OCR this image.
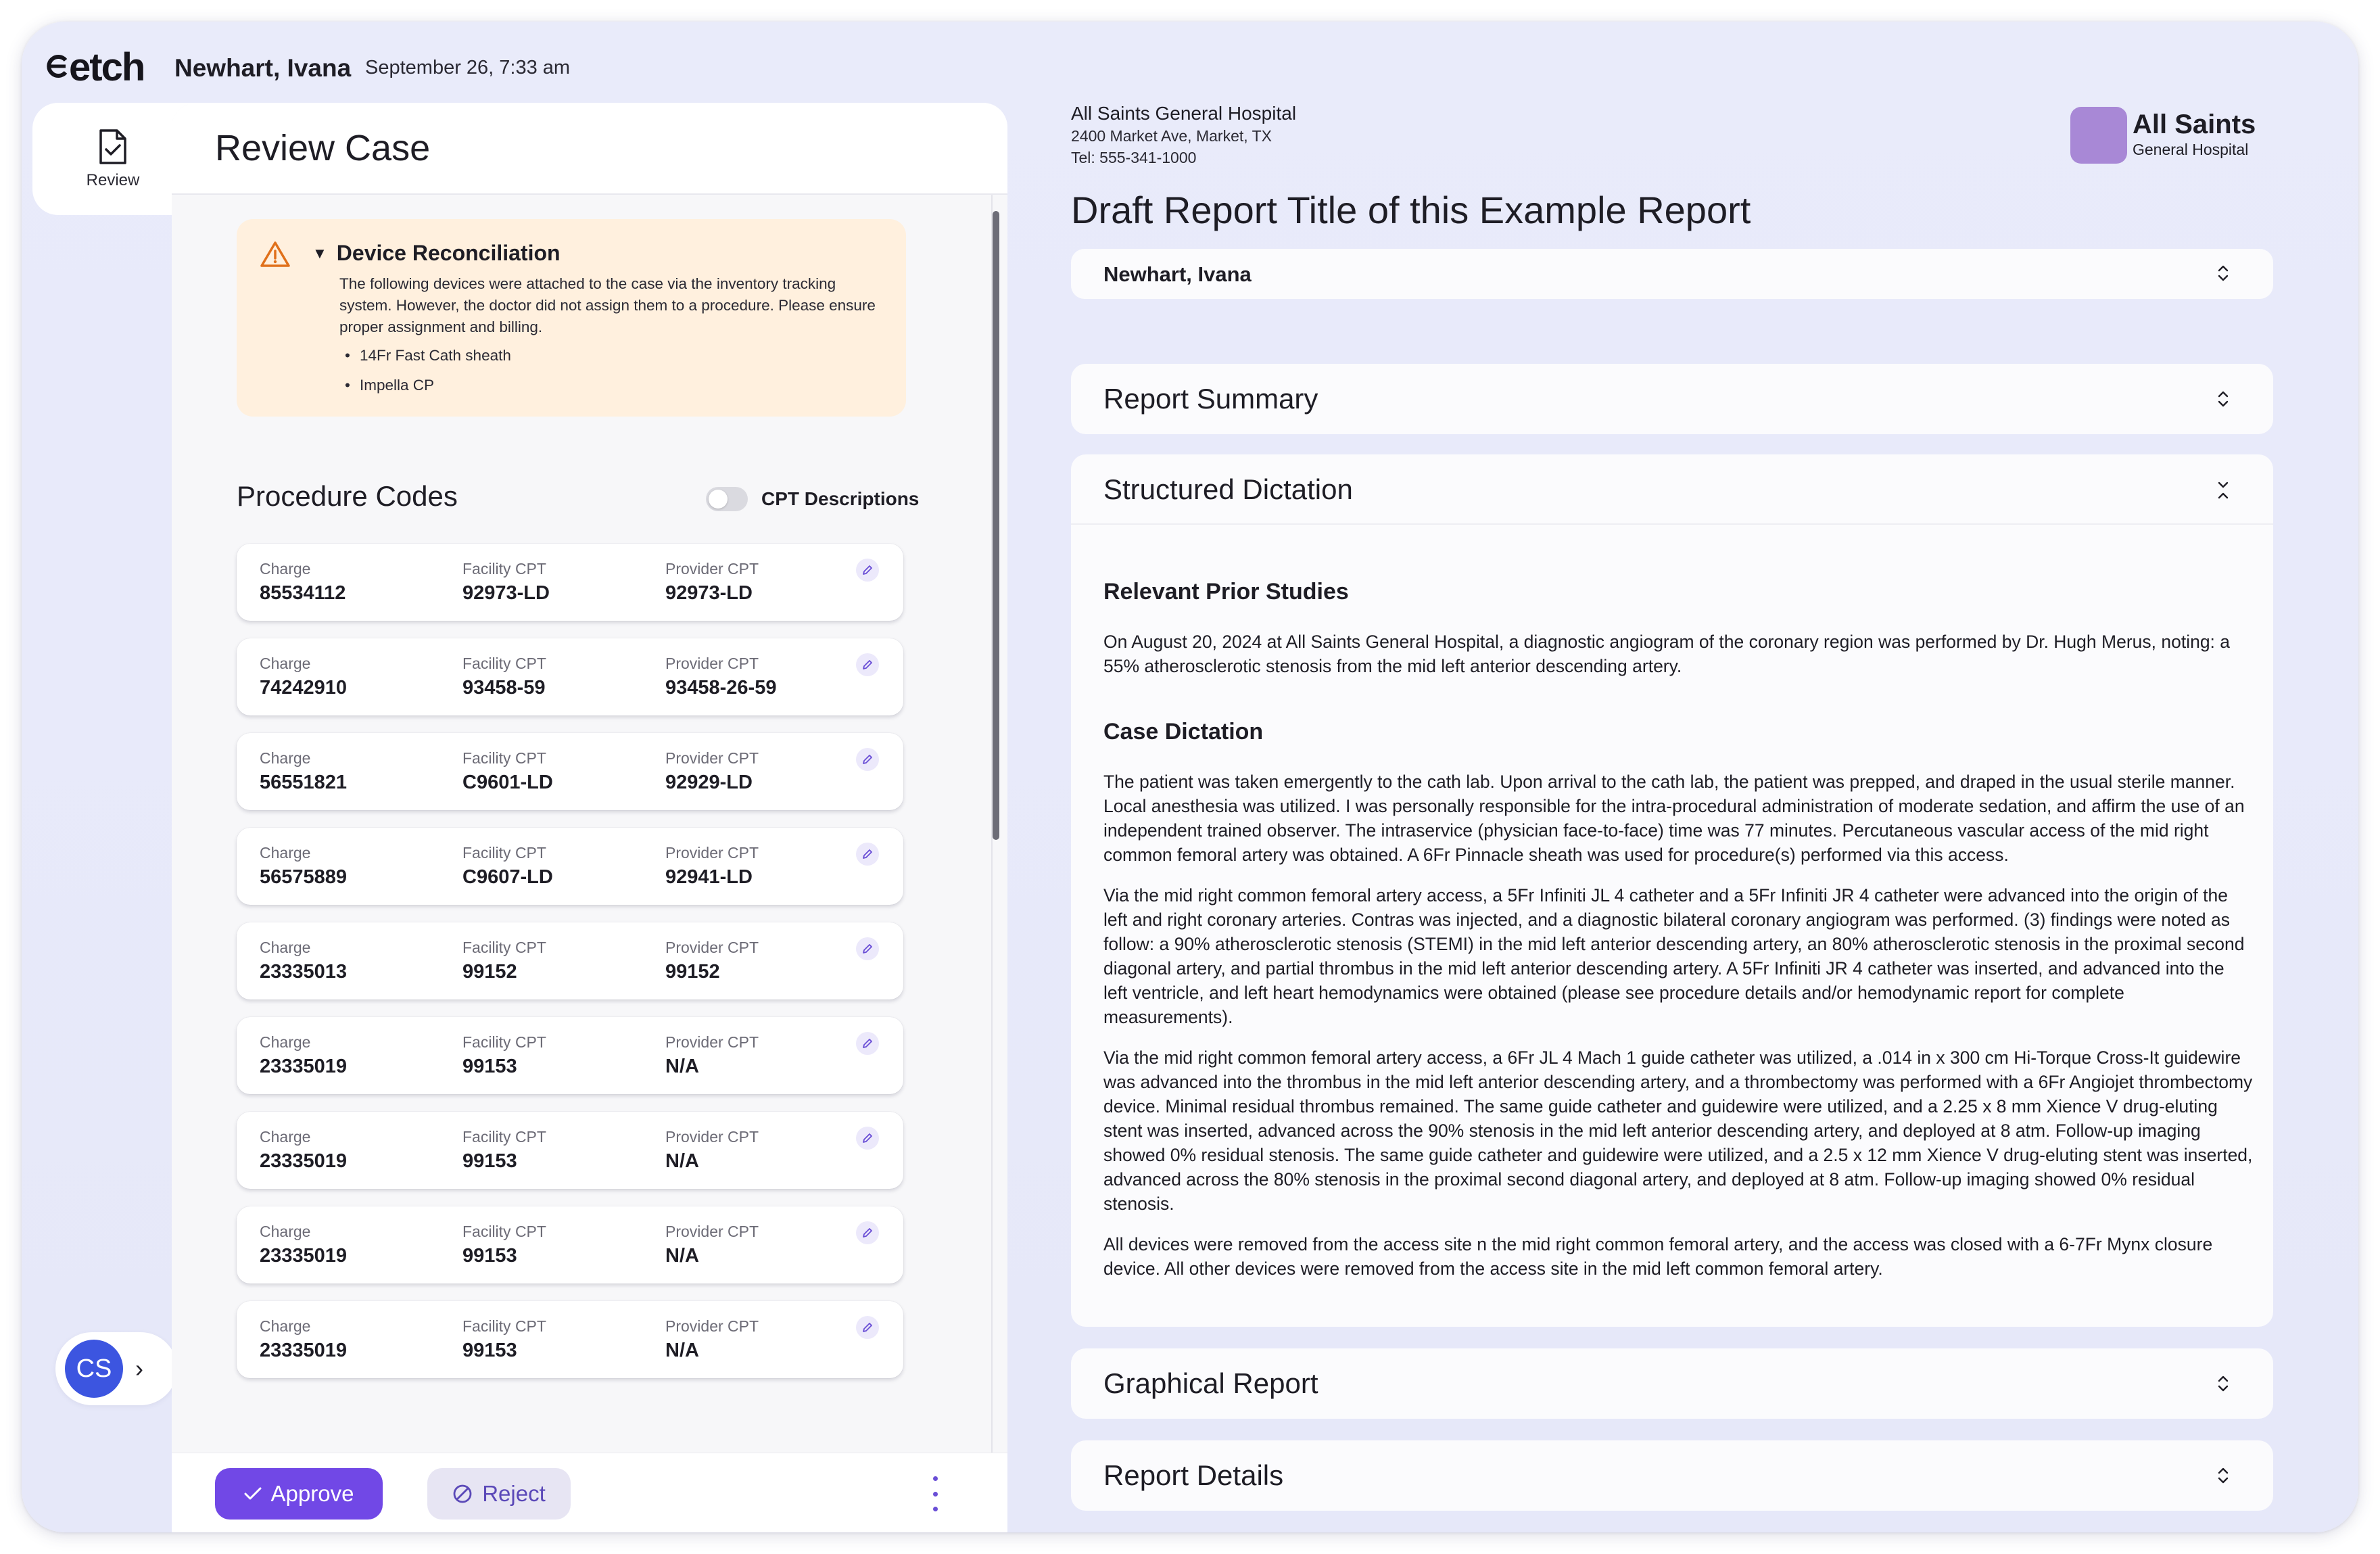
etch Newhart, Ivana September 26, 7:33 am
Review
CS ›
Review Case
▼ Device Reconciliation
The following devices were attached to the case via the inventory tracking system. However, the doctor did not assign them to a procedure. Please ensure proper assignment and billing.
• 14Fr Fast Cath sheath
• Impella CP
Procedure Codes	CPT Descriptions
Charge
85534112
Facility CPT
92973-LD
Provider CPT
92973-LD
Charge
74242910
Facility CPT
93458-59
Provider CPT
93458-26-59
Charge
56551821
Facility CPT
C9601-LD
Provider CPT
92929-LD
Charge
56575889
Facility CPT
C9607-LD
Provider CPT
92941-LD
Charge
23335013
Facility CPT
99152
Provider CPT
99152
Charge
23335019
Facility CPT
99153
Provider CPT
N/A
Charge
23335019
Facility CPT
99153
Provider CPT
N/A
Charge
23335019
Facility CPT
99153
Provider CPT
N/A
Charge
23335019
Facility CPT
99153
Provider CPT
N/A
Approve	Reject
All Saints General Hospital
2400 Market Ave, Market, TX
Tel: 555-341-1000
All Saints
General Hospital
Draft Report Title of this Example Report
Newhart, Ivana
Report Summary
Structured Dictation
Relevant Prior Studies

On August 20, 2024 at All Saints General Hospital, a diagnostic angiogram of the coronary region was performed by Dr. Hugh Merus, noting: a 55% atherosclerotic stenosis from the mid left anterior descending artery.

Case Dictation

The patient was taken emergently to the cath lab. Upon arrival to the cath lab, the patient was prepped, and draped in the usual sterile manner. Local anesthesia was utilized. I was personally responsible for the intra-procedural administration of moderate sedation, and affirm the use of an independent trained observer. The intraservice (physician face-to-face) time was 77 minutes. Percutaneous vascular access of the mid right common femoral artery was obtained. A 6Fr Pinnacle sheath was used for procedure(s) performed via this access.

Via the mid right common femoral artery access, a 5Fr Infiniti JL 4 catheter and a 5Fr Infiniti JR 4 catheter were advanced into the origin of the left and right coronary arteries. Contras was injected, and a diagnostic bilateral coronary angiogram was performed. (3) findings were noted as follow: a 90% atherosclerotic stenosis (STEMI) in the mid left anterior descending artery, an 80% atherosclerotic stenosis in the proximal second diagonal artery, and partial thrombus in the mid left anterior descending artery. A 5Fr Infiniti JR 4 catheter was inserted, and advanced into the left ventricle, and left heart hemodynamics were obtained (please see procedure details and/or hemodynamic report for complete measurements).

Via the mid right common femoral artery access, a 6Fr JL 4 Mach 1 guide catheter was utilized, a .014 in x 300 cm Hi-Torque Cross-It guidewire was advanced into the thrombus in the mid left anterior descending artery, and a thrombectomy was performed with a 6Fr Angiojet thrombectomy device. Minimal residual thrombus remained. The same guide catheter and guidewire were utilized, and a 2.25 x 8 mm Xience V drug-eluting stent was inserted, advanced across the 90% stenosis in the mid left anterior descending artery, and deployed at 8 atm. Follow-up imaging showed 0% residual stenosis. The same guide catheter and guidewire were utilized, and a 2.5 x 12 mm Xience V drug-eluting stent was inserted, advanced across the 80% stenosis in the proximal second diagonal artery, and deployed at 8 atm. Follow-up imaging showed 0% residual stenosis.

All devices were removed from the access site n the mid right common femoral artery, and the access was closed with a 6-7Fr Mynx closure device. All other devices were removed from the access site in the mid left common femoral artery.

Graphical Report
Report Details
